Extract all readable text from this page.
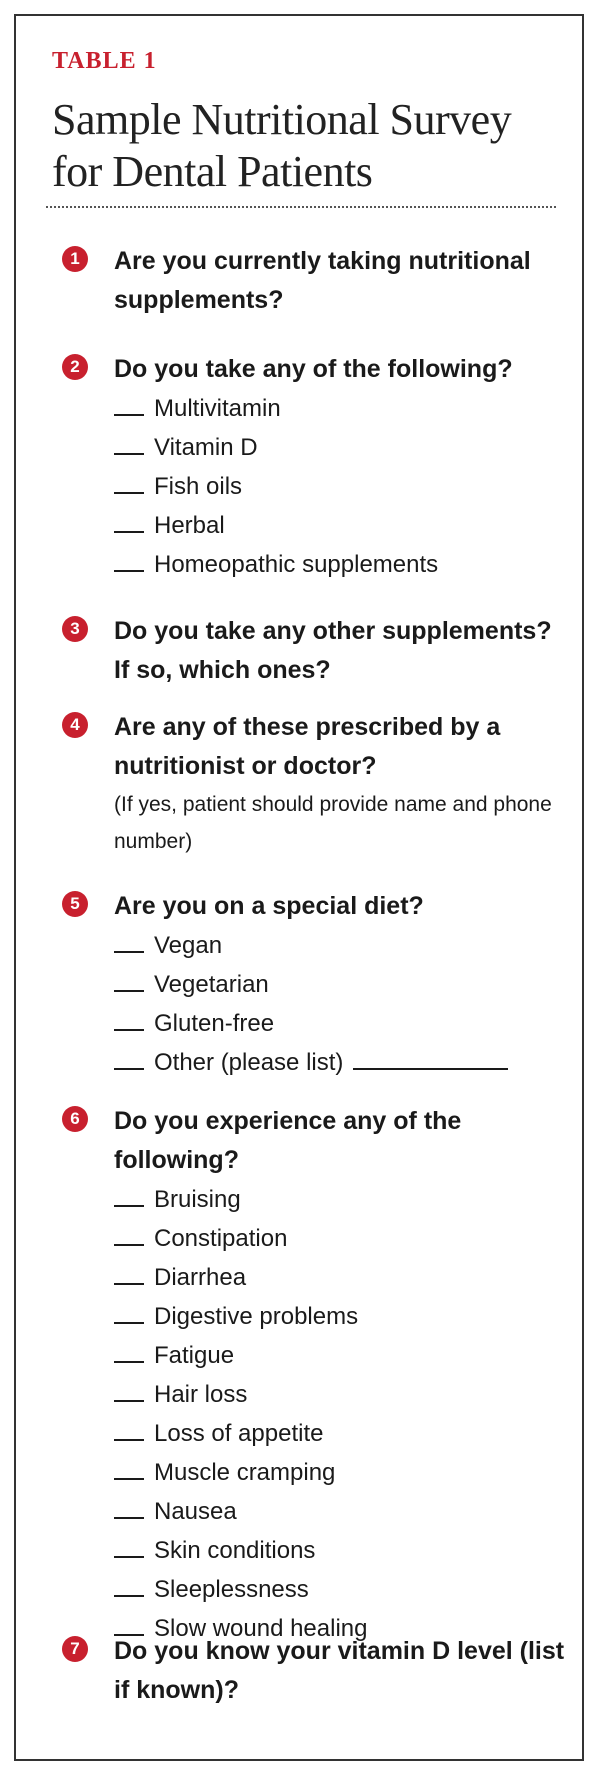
TABLE 1
Sample Nutritional Survey for Dental Patients
1	Are you currently taking nutritional supplements?

2	Do you take any of the following?

Multivitamin
Vitamin D
Fish oils
Herbal
Homeopathic supplements
3	Do you take any other supplements? If so, which ones?

4	Are any of these prescribed by a nutritionist or doctor?

(If yes, patient should provide name and phone number)

5	Are you on a special diet?

Vegan
Vegetarian
Gluten-free
Other (please list)
6	Do you experience any of the following?

Bruising
Constipation
Diarrhea
Digestive problems
Fatigue
Hair loss
Loss of appetite
Muscle cramping
Nausea
Skin conditions
Sleeplessness
Slow wound healing
7	Do you know your vitamin D level (list if known)?
